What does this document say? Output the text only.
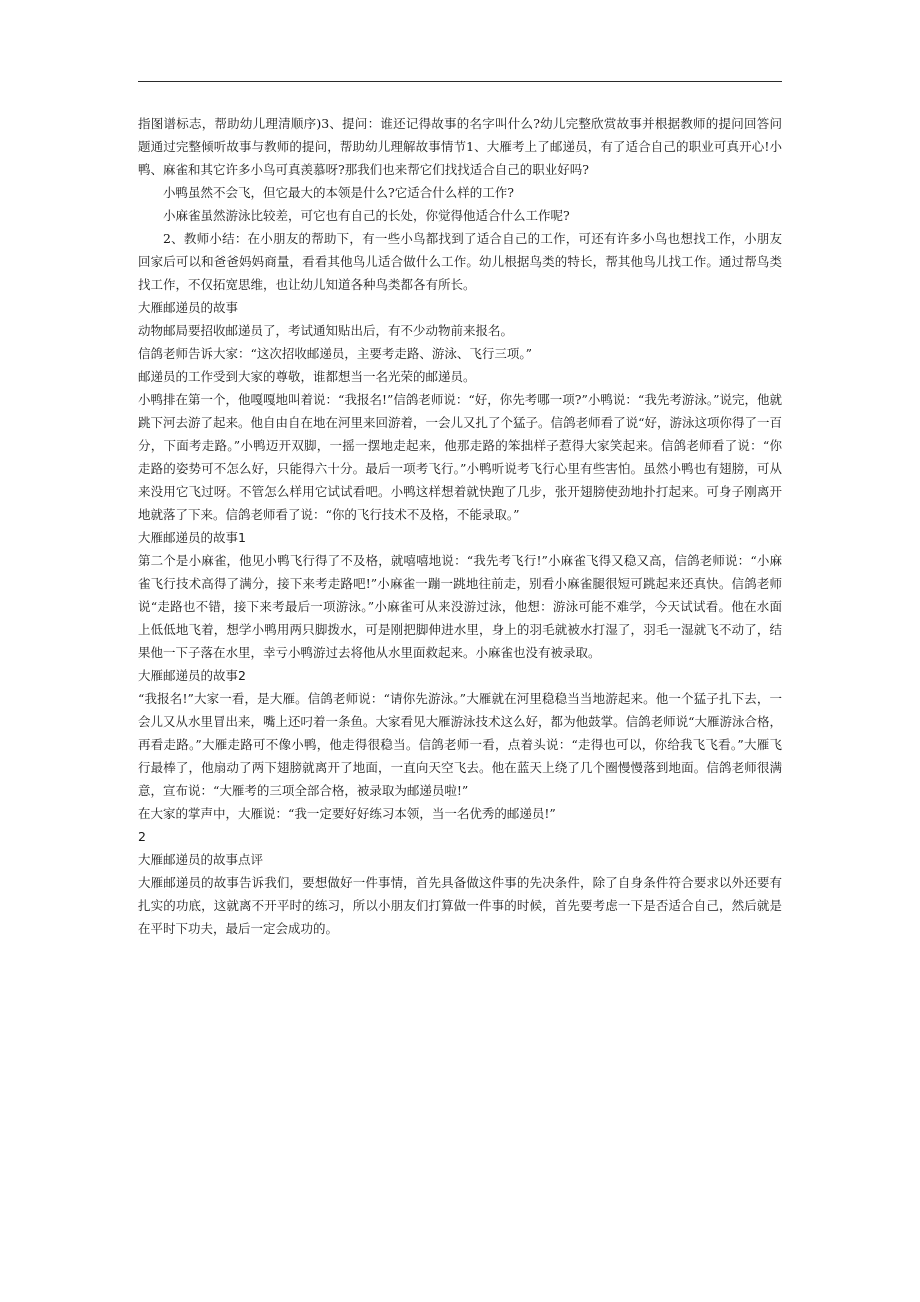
指图谱标志，帮助幼儿理清顺序)3、提问：谁还记得故事的名字叫什么?幼儿完整欣赏故事并根据教师的提问回答问题通过完整倾听故事与教师的提问，帮助幼儿理解故事情节1、大雁考上了邮递员，有了适合自己的职业可真开心!小鸭、麻雀和其它许多小鸟可真羡慕呀?那我们也来帮它们找找适合自己的职业好吗?

小鸭虽然不会飞，但它最大的本领是什么?它适合什么样的工作?

小麻雀虽然游泳比较差，可它也有自己的长处，你觉得他适合什么工作呢?

2、教师小结：在小朋友的帮助下，有一些小鸟都找到了适合自己的工作，可还有许多小鸟也想找工作，小朋友回家后可以和爸爸妈妈商量，看看其他鸟儿适合做什么工作。幼儿根据鸟类的特长，帮其他鸟儿找工作。通过帮鸟类找工作，不仅拓宽思维，也让幼儿知道各种鸟类都各有所长。

大雁邮递员的故事

动物邮局要招收邮递员了，考试通知贴出后，有不少动物前来报名。

信鸽老师告诉大家：“这次招收邮递员，主要考走路、游泳、飞行三项。”

邮递员的工作受到大家的尊敬，谁都想当一名光荣的邮递员。

小鸭排在第一个，他嘎嘎地叫着说：“我报名!”信鸽老师说：“好，你先考哪一项?”小鸭说：“我先考游泳。”说完，他就跳下河去游了起来。他自由自在地在河里来回游着，一会儿又扎了个猛子。信鸽老师看了说“好，游泳这项你得了一百分，下面考走路。”小鸭迈开双脚，一摇一摆地走起来，他那走路的笨拙样子惹得大家笑起来。信鸽老师看了说：“你走路的姿势可不怎么好，只能得六十分。最后一项考飞行。”小鸭听说考飞行心里有些害怕。虽然小鸭也有翅膀，可从来没用它飞过呀。不管怎么样用它试试看吧。小鸭这样想着就快跑了几步，张开翅膀使劲地扑打起来。可身子刚离开地就落了下来。信鸽老师看了说：“你的飞行技术不及格，不能录取。”

大雁邮递员的故事1

第二个是小麻雀，他见小鸭飞行得了不及格，就嘻嘻地说：“我先考飞行!”小麻雀飞得又稳又高，信鸽老师说：“小麻雀飞行技术高得了满分，接下来考走路吧!”小麻雀一蹦一跳地往前走，别看小麻雀腿很短可跳起来还真快。信鸽老师说“走路也不错，接下来考最后一项游泳。”小麻雀可从来没游过泳，他想：游泳可能不难学，今天试试看。他在水面上低低地飞着，想学小鸭用两只脚拨水，可是刚把脚伸进水里，身上的羽毛就被水打湿了，羽毛一湿就飞不动了，结果他一下子落在水里，幸亏小鸭游过去将他从水里面救起来。小麻雀也没有被录取。

大雁邮递员的故事2

“我报名!”大家一看，是大雁。信鸽老师说：“请你先游泳。”大雁就在河里稳稳当当地游起来。他一个猛子扎下去，一会儿又从水里冒出来，嘴上还叼着一条鱼。大家看见大雁游泳技术这么好，都为他鼓掌。信鸽老师说“大雁游泳合格，再看走路。”大雁走路可不像小鸭，他走得很稳当。信鸽老师一看，点着头说：“走得也可以，你给我飞飞看。”大雁飞行最棒了，他扇动了两下翅膀就离开了地面，一直向天空飞去。他在蓝天上绕了几个圈慢慢落到地面。信鸽老师很满意，宣布说：“大雁考的三项全部合格，被录取为邮递员啦!”

在大家的掌声中，大雁说：“我一定要好好练习本领，当一名优秀的邮递员!”

2

大雁邮递员的故事点评

大雁邮递员的故事告诉我们，要想做好一件事情，首先具备做这件事的先决条件，除了自身条件符合要求以外还要有扎实的功底，这就离不开平时的练习，所以小朋友们打算做一件事的时候，首先要考虑一下是否适合自己，然后就是在平时下功夫，最后一定会成功的。
